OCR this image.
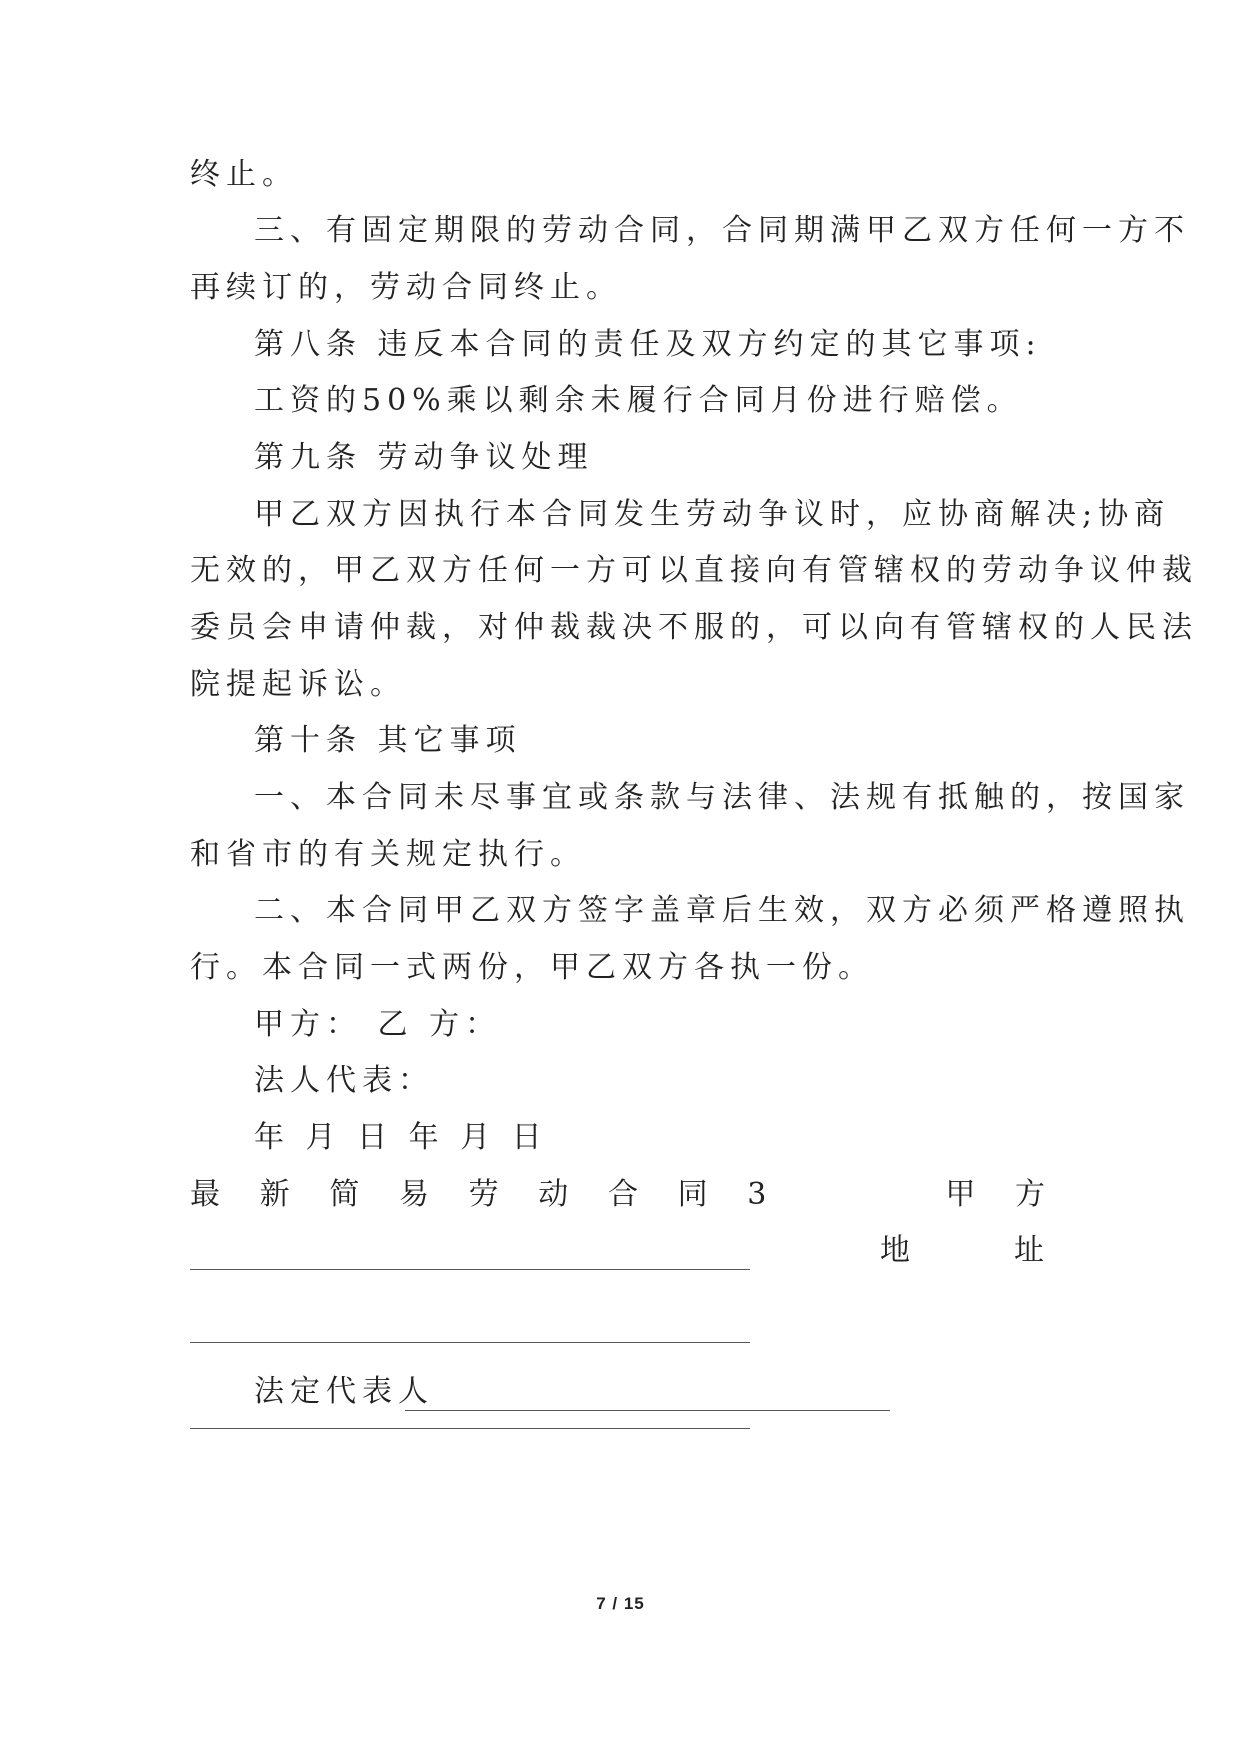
终止。
三、有固定期限的劳动合同，合同期满甲乙双方任何一方不
再续订的，劳动合同终止。
第八条 违反本合同的责任及双方约定的其它事项:
工资的50%乘以剩余未履行合同月份进行赔偿。
第九条 劳动争议处理
甲乙双方因执行本合同发生劳动争议时，应协商解决;协商
无效的，甲乙双方任何一方可以直接向有管辖权的劳动争议仲裁
委员会申请仲裁，对仲裁裁决不服的，可以向有管辖权的人民法
院提起诉讼。
第十条 其它事项
一、本合同未尽事宜或条款与法律、法规有抵触的，按国家
和省市的有关规定执行。
二、本合同甲乙双方签字盖章后生效，双方必须严格遵照执
行。本合同一式两份，甲乙双方各执一份。
甲方： 乙 方：
法人代表：
年 月 日 年 月 日
最 新 简 易 劳 动 合 同 3	甲 方
地	址
法定代表人
7 / 15
